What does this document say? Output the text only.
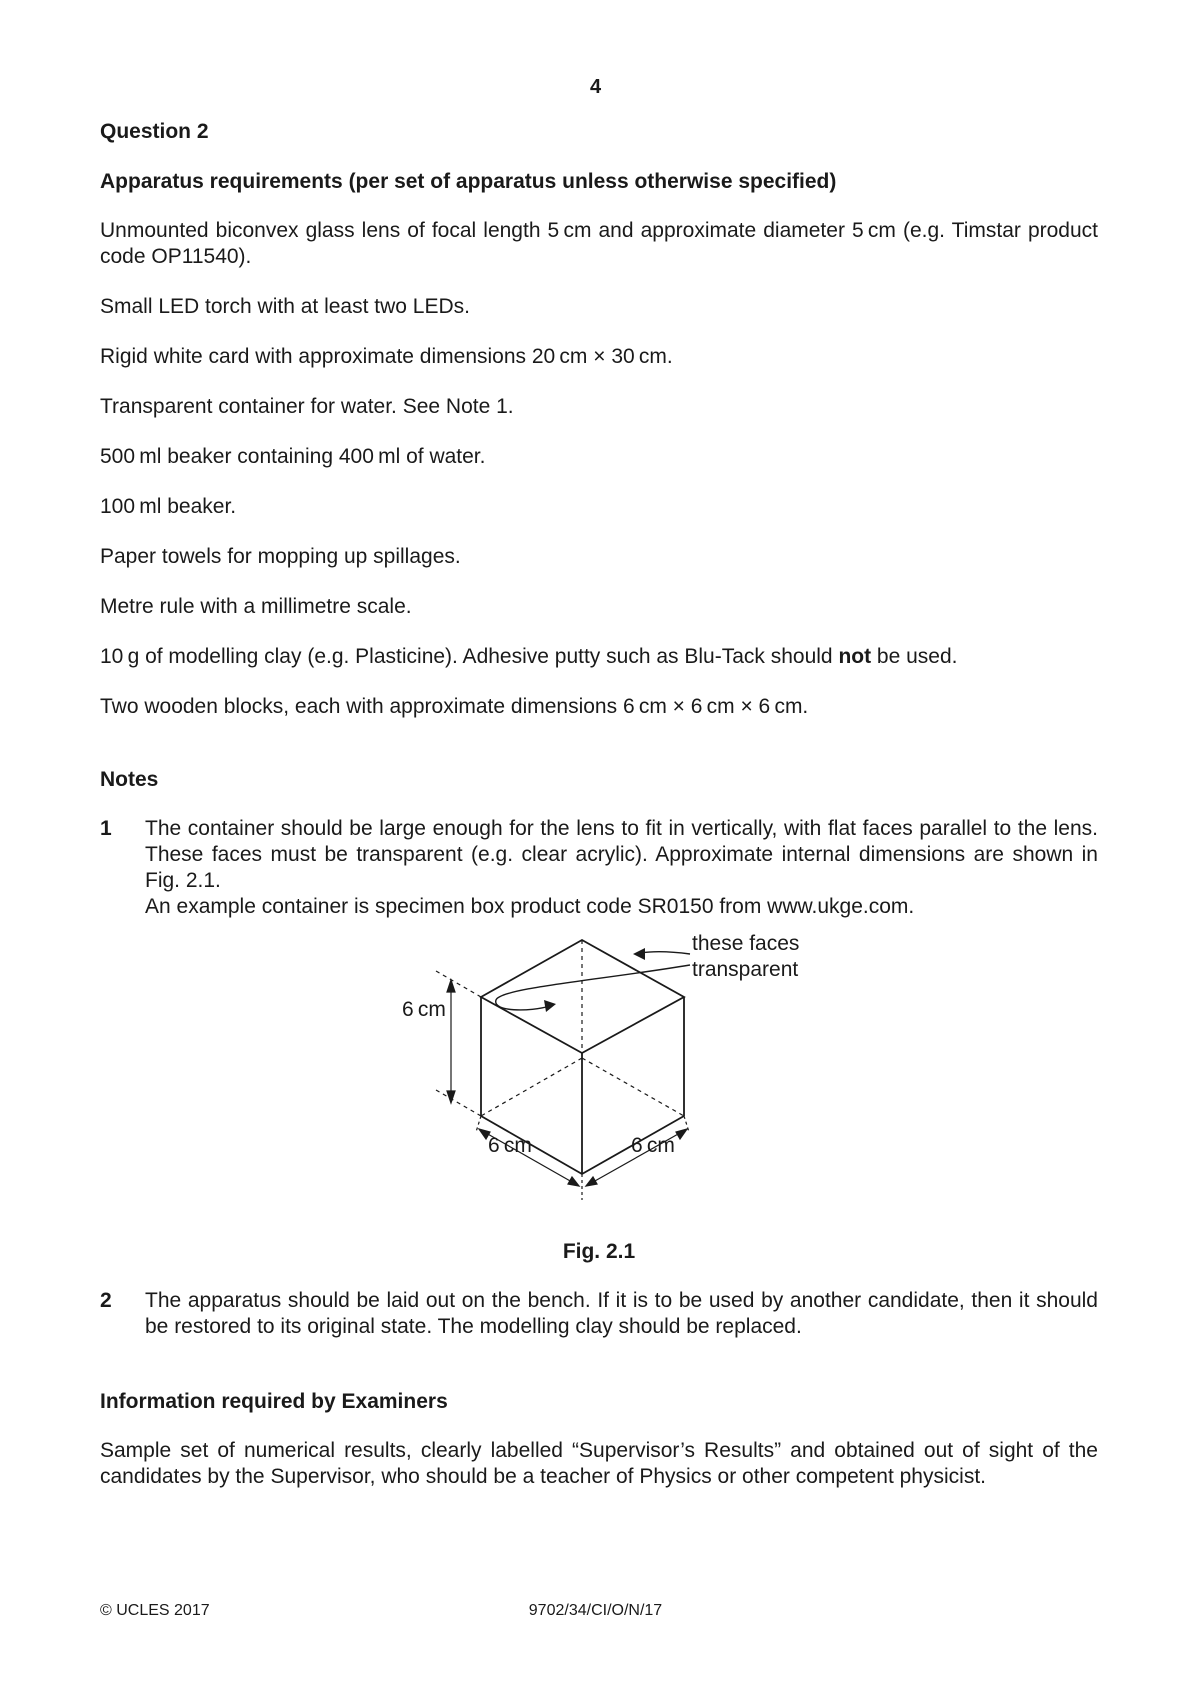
4
Question 2
Apparatus requirements (per set of apparatus unless otherwise specified)

Unmounted biconvex glass lens of focal length 5 cm and approximate diameter 5 cm (e.g. Timstar product code OP11540).

Small LED torch with at least two LEDs.

Rigid white card with approximate dimensions 20 cm × 30 cm.

Transparent container for water. See Note 1.

500 ml beaker containing 400 ml of water.

100 ml beaker.

Paper towels for mopping up spillages.

Metre rule with a millimetre scale.

10 g of modelling clay (e.g. Plasticine). Adhesive putty such as Blu-Tack should not be used.

Two wooden blocks, each with approximate dimensions 6 cm × 6 cm × 6 cm.

Notes
1	The container should be large enough for the lens to fit in vertically, with flat faces parallel to the lens. These faces must be transparent (e.g. clear acrylic). Approximate internal dimensions are shown in Fig. 2.1.
An example container is specimen box product code SR0150 from www.ukge.com.
these faces
transparent
6 cm
6 cm	6 cm
Fig. 2.1
2	The apparatus should be laid out on the bench. If it is to be used by another candidate, then it should be restored to its original state. The modelling clay should be replaced.
Information required by Examiners

Sample set of numerical results, clearly labelled “Supervisor’s Results” and obtained out of sight of the candidates by the Supervisor, who should be a teacher of Physics or other competent physicist.

© UCLES 2017	9702/34/CI/O/N/17
